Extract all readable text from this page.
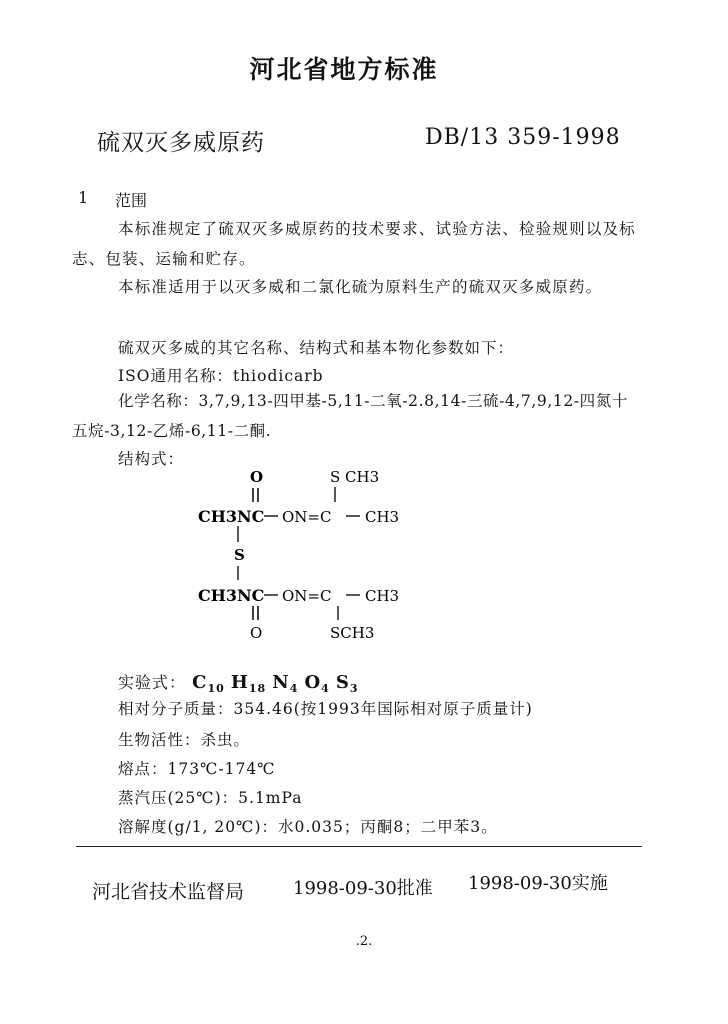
河北省地方标准
硫双灭多威原药	DB/13 359-1998
1 范围
本标准规定了硫双灭多威原药的技术要求、试验方法、检验规则以及标志、包装、运输和贮存。
本标准适用于以灭多威和二氯化硫为原料生产的硫双灭多威原药。
硫双灭多威的其它名称、结构式和基本物化参数如下：
ISO通用名称：thiodicarb
化学名称：3,7,9,13-四甲基-5,11-二氧-2.8,14-三硫-4,7,9,12-四氮十五烷-3,12-乙烯-6,11-二酮.
结构式：
O	S CH3
CH3NC ON=C CH3
S
CH3NC ON=C CH3
O	SCH3
实验式： $C_{10}$ $H_{18}$ $N_4$ $O_4$ $S_3$
相对分子质量：354.46(按1993年国际相对原子质量计)
生物活性：杀虫。
熔点：173℃-174℃
蒸汽压(25℃)：5.1mPa
溶解度(g/1, 20℃)：水0.035；丙酮8；二甲苯3。
河北省技术监督局	1998-09-30批准 1998-09-30实施
.2.
